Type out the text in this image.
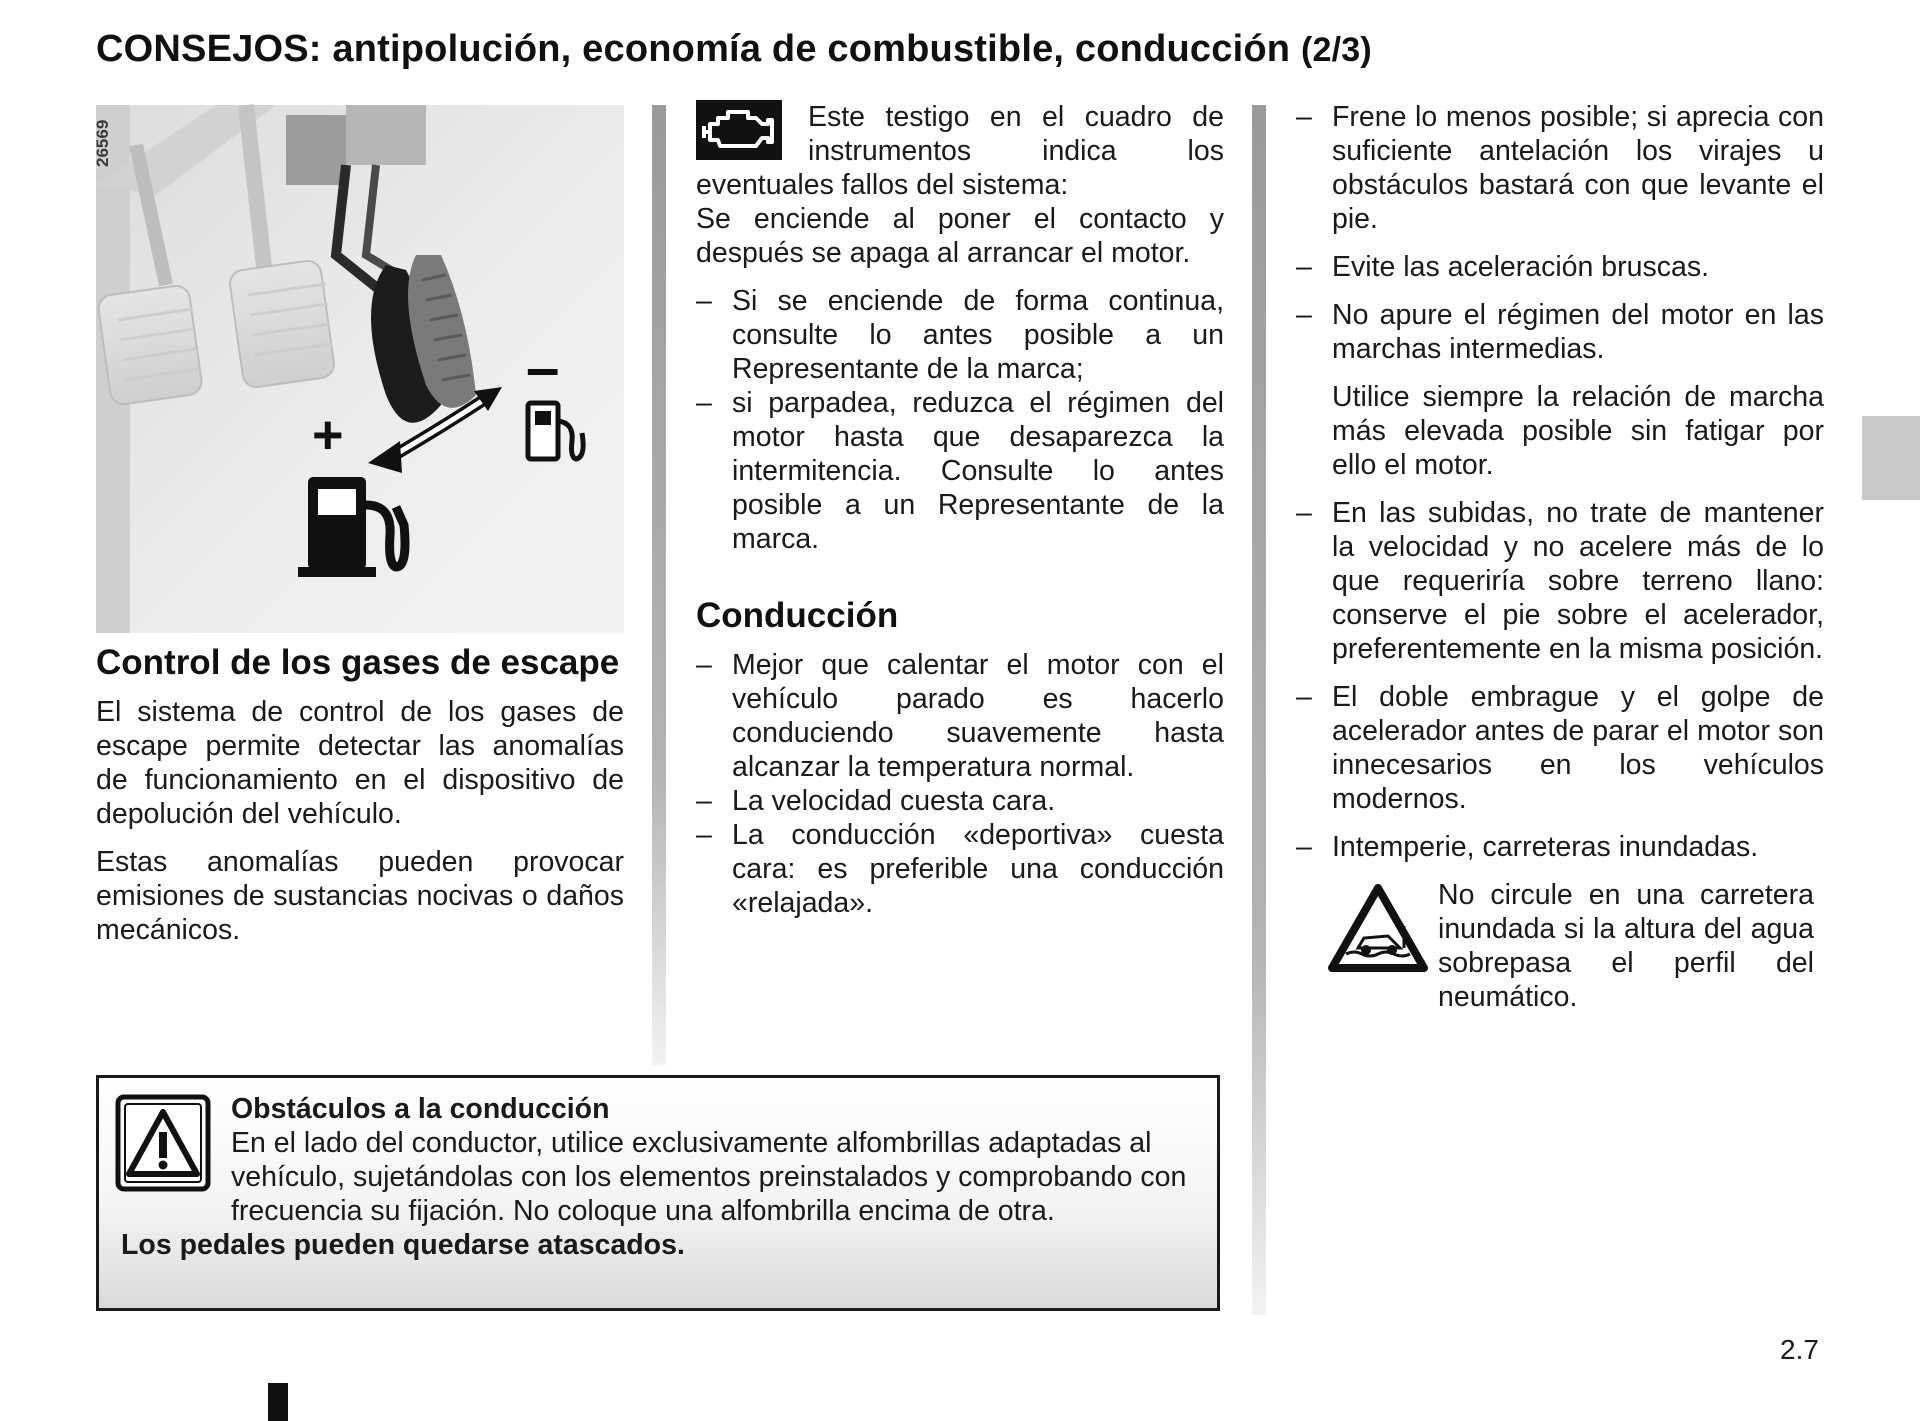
CONSEJOS: antipolución, economía de combustible, conducción (2/3)
26569
+
–
Control de los gases de escape

El sistema de control de los gases de escape permite detectar las anomalías de funcionamiento en el dispositivo de depolución del vehículo.

Estas anomalías pueden provocar emisiones de sustancias nocivas o daños mecánicos.

Este testigo en el cuadro de instrumentos indica los eventuales fallos del sistema:

Se enciende al poner el contacto y después se apaga al arrancar el motor.

– Si se enciende de forma continua, consulte lo antes posible a un Representante de la marca;
– si parpadea, reduzca el régimen del motor hasta que desaparezca la intermitencia. Consulte lo antes posible a un Representante de la marca.
Conducción
– Mejor que calentar el motor con el vehículo parado es hacerlo conduciendo suavemente hasta alcanzar la temperatura normal.
– La velocidad cuesta cara.
– La conducción «deportiva» cuesta cara: es preferible una conducción «relajada».
– Frene lo menos posible; si aprecia con suficiente antelación los virajes u obstáculos bastará con que levante el pie.
– Evite las aceleración bruscas.
– No apure el régimen del motor en las marchas intermedias.

Utilice siempre la relación de marcha más elevada posible sin fatigar por ello el motor.

– En las subidas, no trate de mantener la velocidad y no acelere más de lo que requeriría sobre terreno llano: conserve el pie sobre el acelerador, preferentemente en la misma posición.
– El doble embrague y el golpe de acelerador antes de parar el motor son innecesarios en los vehículos modernos.
– Intemperie, carreteras inundadas.
No circule en una carretera inundada si la altura del agua sobrepasa el perfil del neumático.
Obstáculos a la conducción
En el lado del conductor, utilice exclusivamente alfombrillas adaptadas al vehículo, sujetándolas con los elementos preinstalados y comprobando con frecuencia su fijación. No coloque una alfombrilla encima de otra.
Los pedales pueden quedarse atascados.
2.7
